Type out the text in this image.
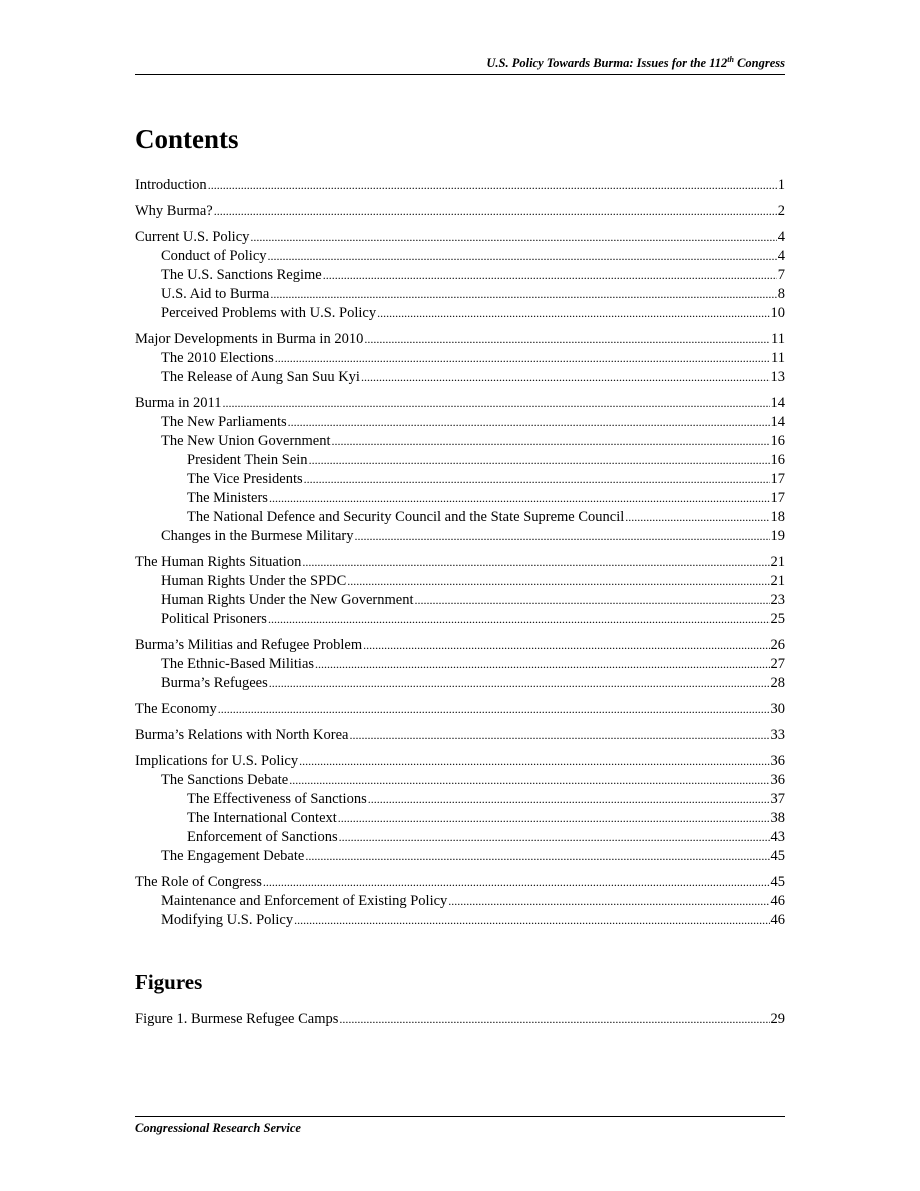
U.S. Policy Towards Burma: Issues for the 112th Congress
Contents
Introduction . . .	1
Why Burma? . . .	2
Current U.S. Policy . . .	4
Conduct of Policy . . .	4
The U.S. Sanctions Regime . . .	7
U.S. Aid to Burma . . .	8
Perceived Problems with U.S. Policy . . .	10
Major Developments in Burma in 2010 . . .	11
The 2010 Elections . . .	11
The Release of Aung San Suu Kyi . . .	13
Burma in 2011 . . .	14
The New Parliaments . . .	14
The New Union Government . . .	16
President Thein Sein . . .	16
The Vice Presidents . . .	17
The Ministers . . .	17
The National Defence and Security Council and the State Supreme Council . . .	18
Changes in the Burmese Military . . .	19
The Human Rights Situation . . .	21
Human Rights Under the SPDC . . .	21
Human Rights Under the New Government . . .	23
Political Prisoners . . .	25
Burma’s Militias and Refugee Problem . . .	26
The Ethnic-Based Militias . . .	27
Burma’s Refugees . . .	28
The Economy . . .	30
Burma’s Relations with North Korea . . .	33
Implications for U.S. Policy . . .	36
The Sanctions Debate . . .	36
The Effectiveness of Sanctions . . .	37
The International Context . . .	38
Enforcement of Sanctions . . .	43
The Engagement Debate . . .	45
The Role of Congress . . .	45
Maintenance and Enforcement of Existing Policy . . .	46
Modifying U.S. Policy . . .	46
Figures
Figure 1. Burmese Refugee Camps . . .	29
Congressional Research Service
